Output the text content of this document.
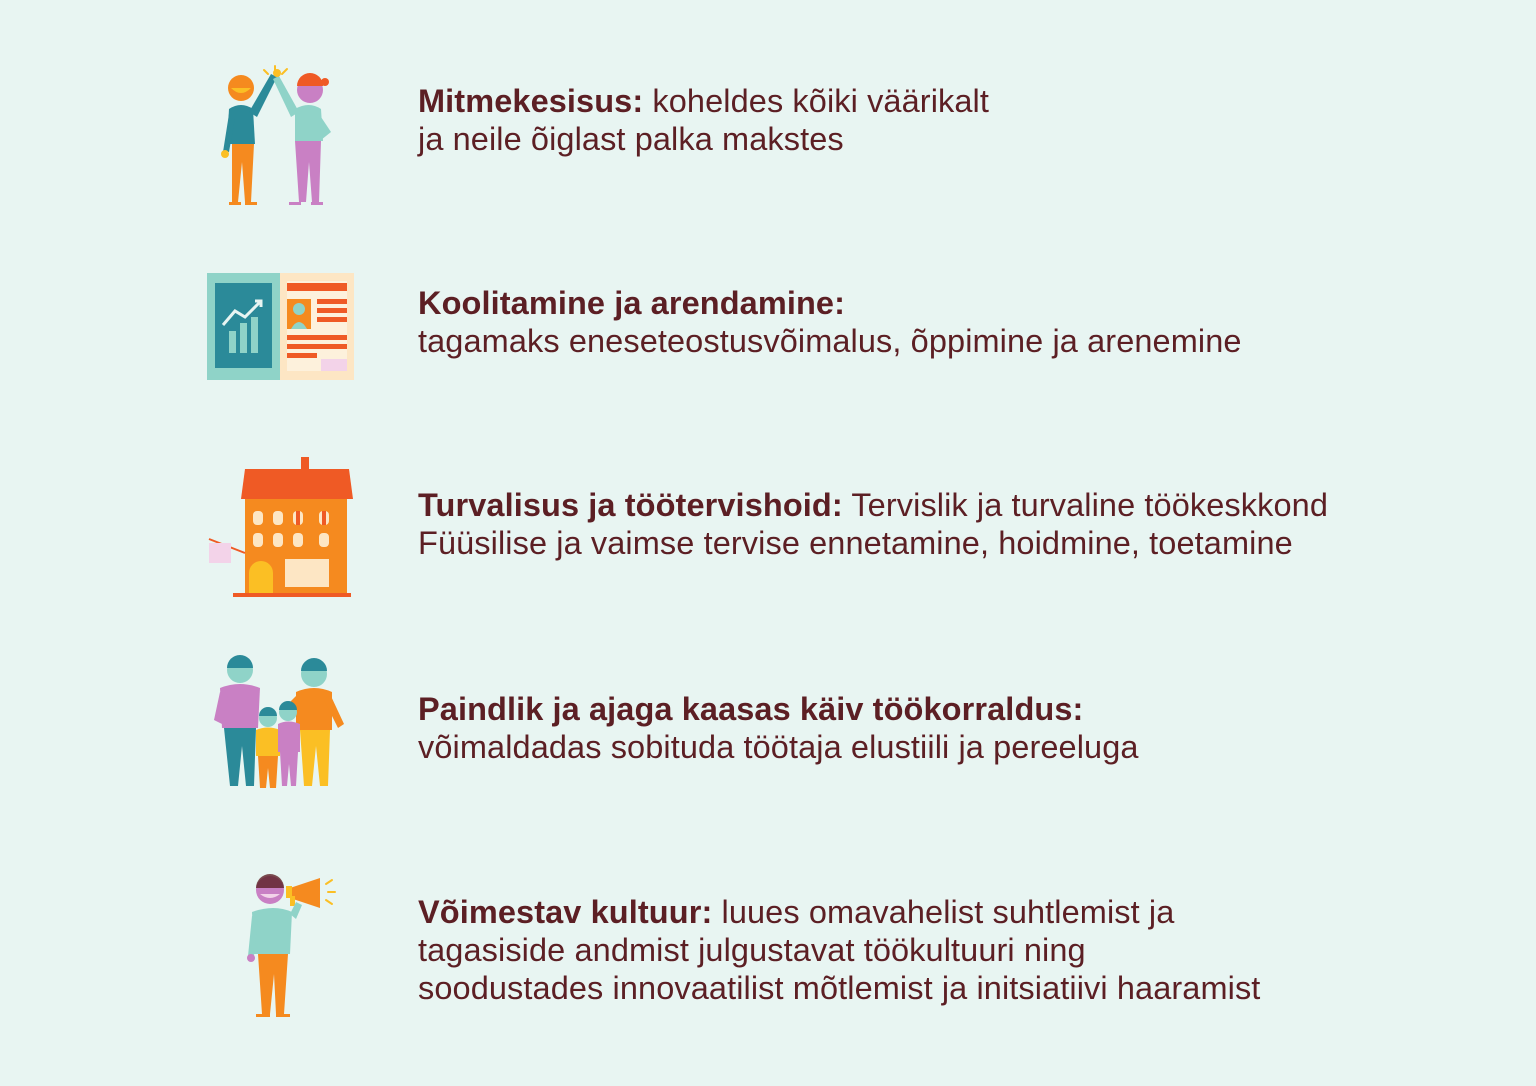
Mitmekesisus: koheldes kõiki väärikalt
ja neile õiglast palka makstes
Koolitamine ja arendamine:
tagamaks eneseteostusvõimalus, õppimine ja arenemine
Turvalisus ja töötervishoid: Tervislik ja turvaline töökeskkond
Füüsilise ja vaimse tervise ennetamine, hoidmine, toetamine
Paindlik ja ajaga kaasas käiv töökorraldus:
võimaldadas sobituda töötaja elustiili ja pereeluga
Võimestav kultuur: luues omavahelist suhtlemist ja
tagasiside andmist julgustavat töökultuuri ning
soodustades innovaatilist mõtlemist ja initsiatiivi haaramist
